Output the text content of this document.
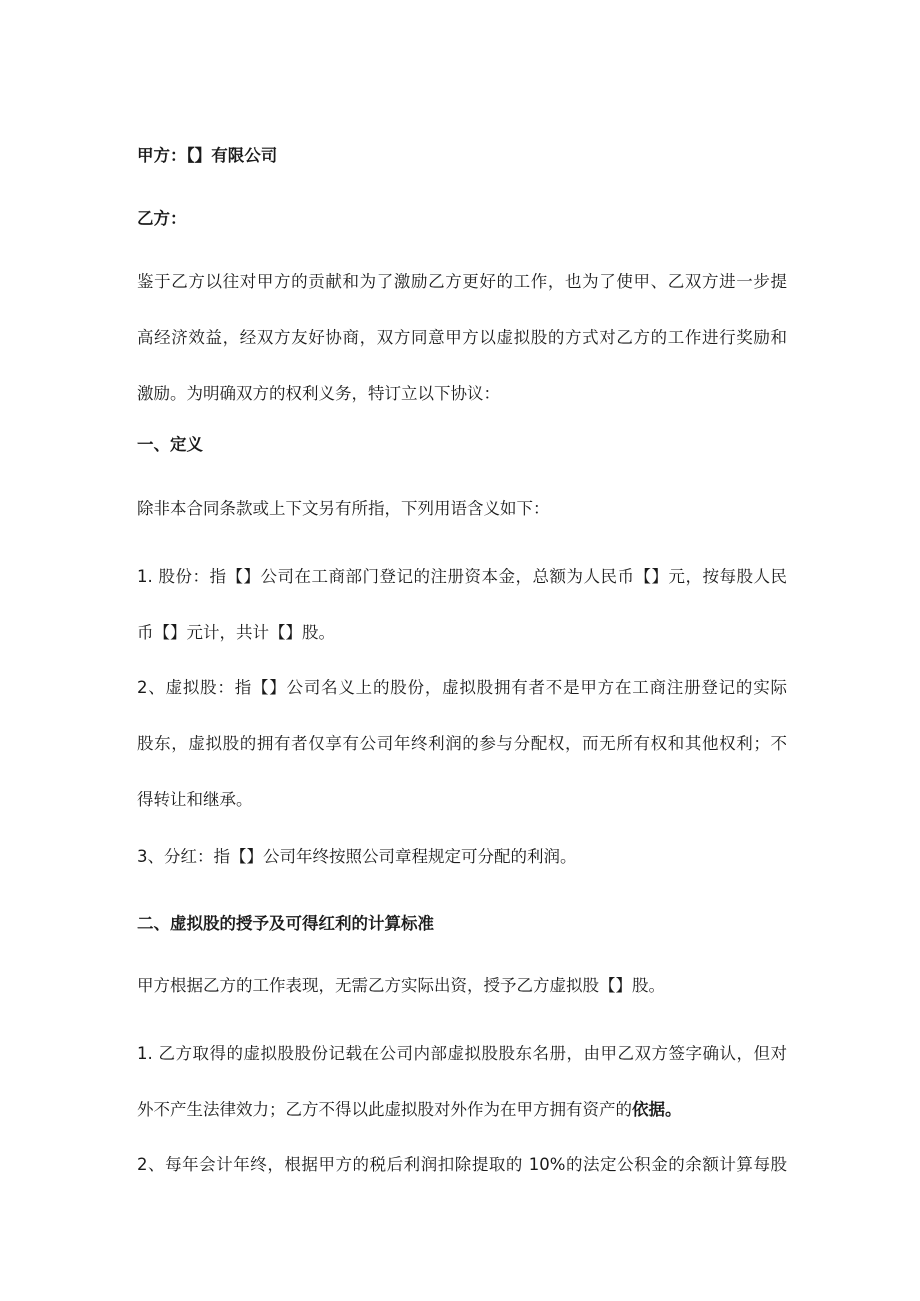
甲方：【】有限公司
乙方：
鉴于乙方以往对甲方的贡献和为了激励乙方更好的工作，也为了使甲、乙双方进一步提
高经济效益，经双方友好协商，双方同意甲方以虚拟股的方式对乙方的工作进行奖励和
激励。为明确双方的权利义务，特订立以下协议：
一、定义
除非本合同条款或上下文另有所指，下列用语含义如下：
1. 股份：指【】公司在工商部门登记的注册资本金，总额为人民币【】元，按每股人民
币【】元计，共计【】股。
2、虚拟股：指【】公司名义上的股份，虚拟股拥有者不是甲方在工商注册登记的实际
股东，虚拟股的拥有者仅享有公司年终利润的参与分配权，而无所有权和其他权利；不
得转让和继承。
3、分红：指【】公司年终按照公司章程规定可分配的利润。
二、虚拟股的授予及可得红利的计算标准
甲方根据乙方的工作表现，无需乙方实际出资，授予乙方虚拟股【】股。
1. 乙方取得的虚拟股股份记载在公司内部虚拟股股东名册，由甲乙双方签字确认，但对
外不产生法律效力；乙方不得以此虚拟股对外作为在甲方拥有资产的依据。
2、每年会计年终，根据甲方的税后利润扣除提取的 10%的法定公积金的余额计算每股
